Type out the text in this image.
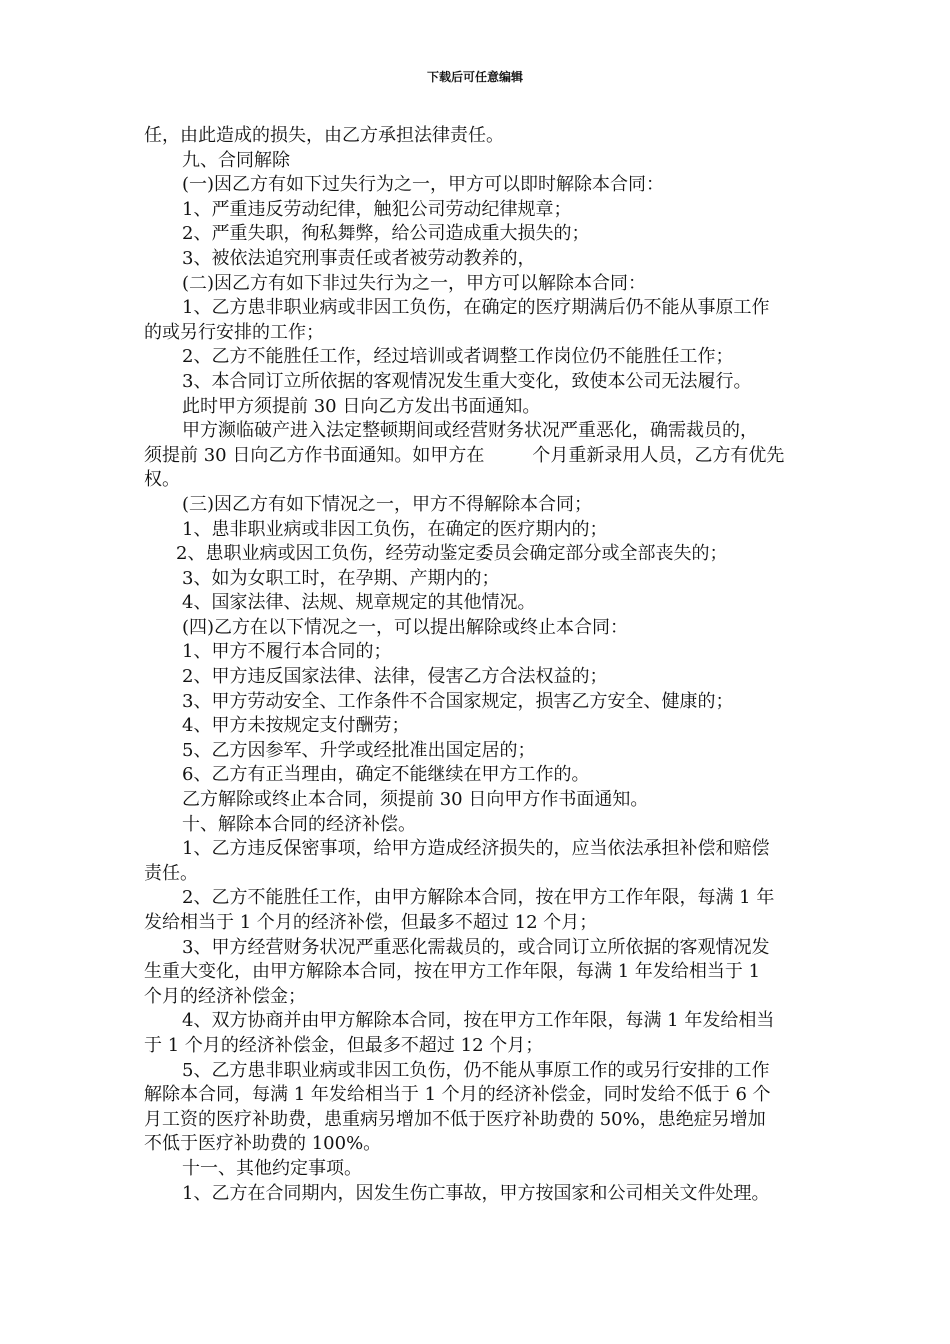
下载后可任意编辑

任，由此造成的损失，由乙方承担法律责任。

九、合同解除

(一)因乙方有如下过失行为之一，甲方可以即时解除本合同：

1、严重违反劳动纪律，触犯公司劳动纪律规章；

2、严重失职，徇私舞弊，给公司造成重大损失的；

3、被依法追究刑事责任或者被劳动教养的，

(二)因乙方有如下非过失行为之一，甲方可以解除本合同：

1、乙方患非职业病或非因工负伤，在确定的医疗期满后仍不能从事原工作

的或另行安排的工作；

2、乙方不能胜任工作，经过培训或者调整工作岗位仍不能胜任工作；

3、本合同订立所依据的客观情况发生重大变化，致使本公司无法履行。

此时甲方须提前 30 日向乙方发出书面通知。

甲方濒临破产进入法定整顿期间或经营财务状况严重恶化，确需裁员的，

须提前 30 日向乙方作书面通知。如甲方在	个月重新录用人员，乙方有优先

权。

(三)因乙方有如下情况之一，甲方不得解除本合同；

1、患非职业病或非因工负伤，在确定的医疗期内的；

2、患职业病或因工负伤，经劳动鉴定委员会确定部分或全部丧失的；

3、如为女职工时，在孕期、产期内的；

4、国家法律、法规、规章规定的其他情况。

(四)乙方在以下情况之一，可以提出解除或终止本合同：

1、甲方不履行本合同的；

2、甲方违反国家法律、法律，侵害乙方合法权益的；

3、甲方劳动安全、工作条件不合国家规定，损害乙方安全、健康的；

4、甲方未按规定支付酬劳；

5、乙方因参军、升学或经批准出国定居的；

6、乙方有正当理由，确定不能继续在甲方工作的。

乙方解除或终止本合同，须提前 30 日向甲方作书面通知。

十、解除本合同的经济补偿。

1、乙方违反保密事项，给甲方造成经济损失的，应当依法承担补偿和赔偿

责任。

2、乙方不能胜任工作，由甲方解除本合同，按在甲方工作年限，每满 1 年

发给相当于 1 个月的经济补偿，但最多不超过 12 个月；

3、甲方经营财务状况严重恶化需裁员的，或合同订立所依据的客观情况发

生重大变化，由甲方解除本合同，按在甲方工作年限，每满 1 年发给相当于 1

个月的经济补偿金；

4、双方协商并由甲方解除本合同，按在甲方工作年限，每满 1 年发给相当

于 1 个月的经济补偿金，但最多不超过 12 个月；

5、乙方患非职业病或非因工负伤，仍不能从事原工作的或另行安排的工作

解除本合同，每满 1 年发给相当于 1 个月的经济补偿金，同时发给不低于 6 个

月工资的医疗补助费，患重病另增加不低于医疗补助费的 50%，患绝症另增加

不低于医疗补助费的 100%。

十一、其他约定事项。

1、乙方在合同期内，因发生伤亡事故，甲方按国家和公司相关文件处理。
